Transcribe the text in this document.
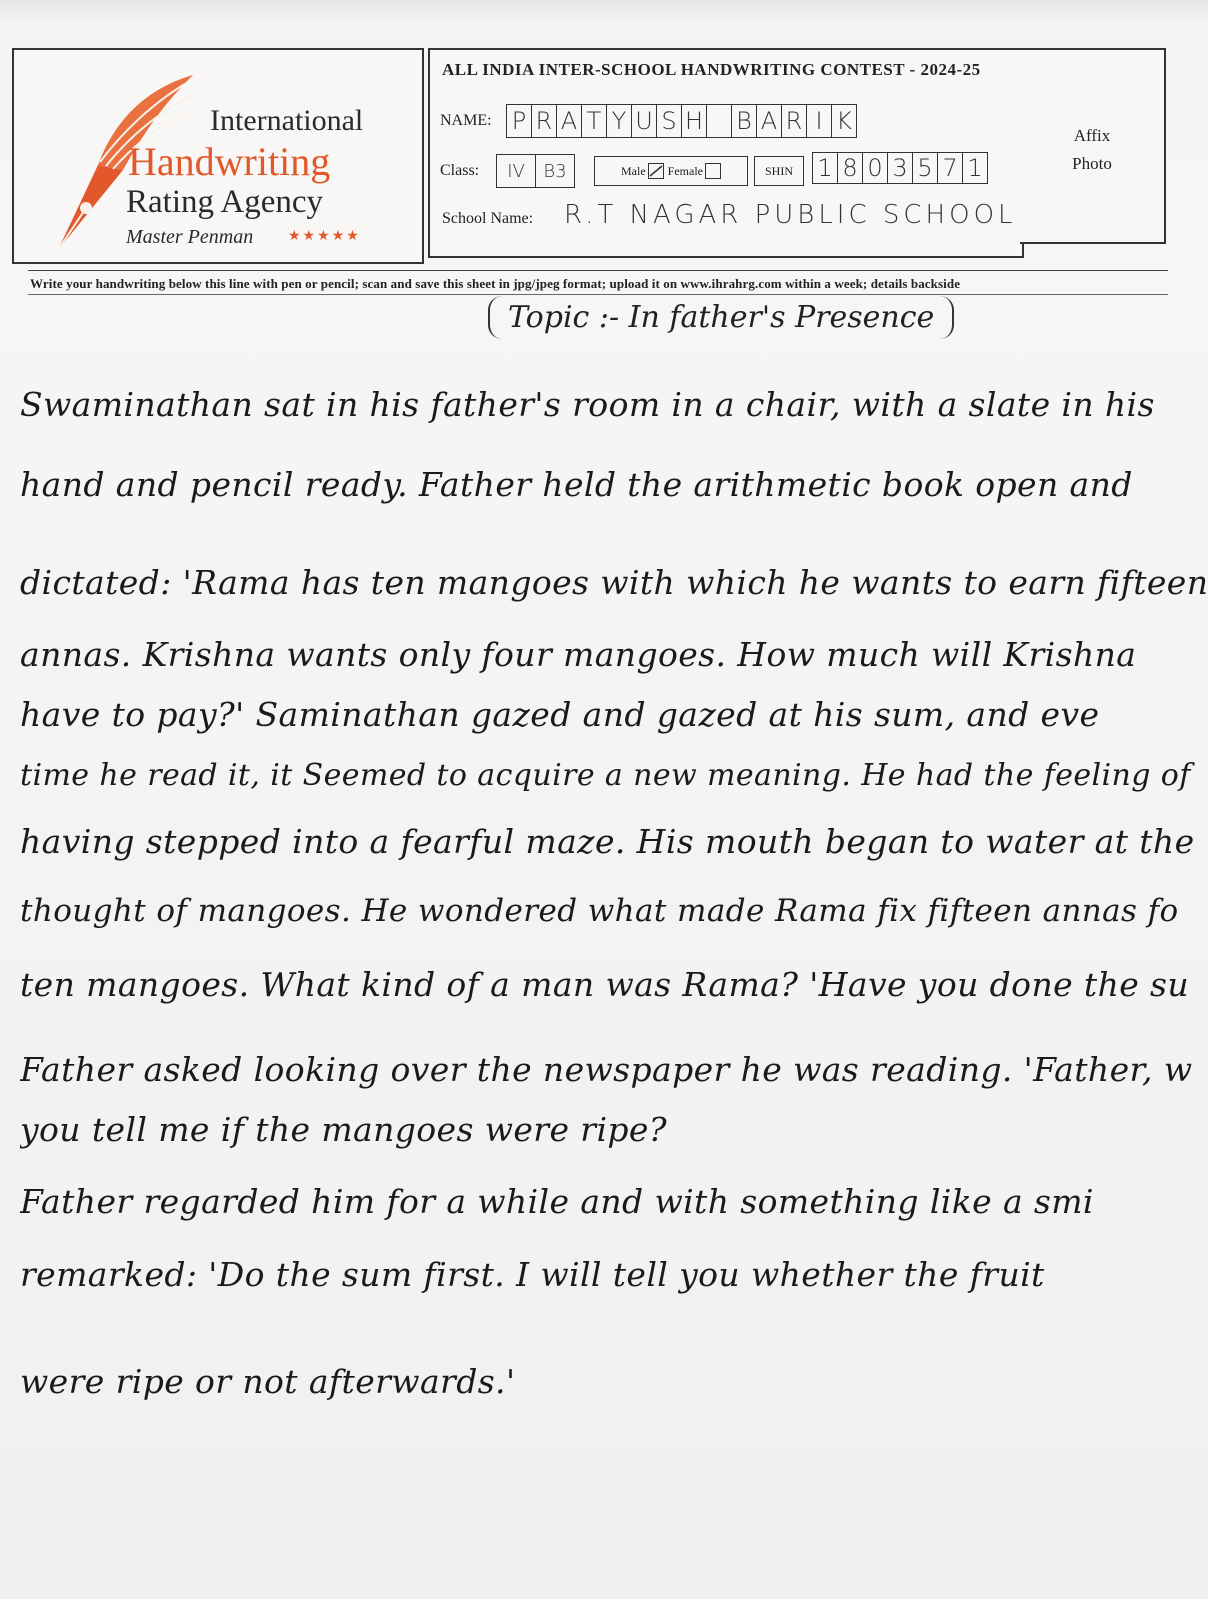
International
Handwriting
Rating Agency
Master Penman ★★★★★
ALL INDIA INTER-SCHOOL HANDWRITING CONTEST - 2024-25
NAME: P R A T Y U S H B A R I K
Class:	IV	B3	Male Female	SHIN	1 8 0 3 5 7 1
School Name: R.T NAGAR PUBLIC SCHOOL
Affix
Photo
Write your handwriting below this line with pen or pencil; scan and save this sheet in jpg/jpeg format; upload it on www.ihrahrg.com within a week; details backside
Topic :- In father's Presence
Swaminathan sat in his father's room in a chair, with a slate in his
hand and pencil ready. Father held the arithmetic book open and
dictated: 'Rama has ten mangoes with which he wants to earn fifteen
annas. Krishna wants only four mangoes. How much will Krishna
have to pay?' Saminathan gazed and gazed at his sum, and eve
time he read it, it Seemed to acquire a new meaning. He had the feeling of
having stepped into a fearful maze. His mouth began to water at the
thought of mangoes. He wondered what made Rama fix fifteen annas fo
ten mangoes. What kind of a man was Rama? 'Have you done the su
Father asked looking over the newspaper he was reading. 'Father, w
you tell me if the mangoes were ripe?
Father regarded him for a while and with something like a smi
remarked: 'Do the sum first. I will tell you whether the fruit
were ripe or not afterwards.'
